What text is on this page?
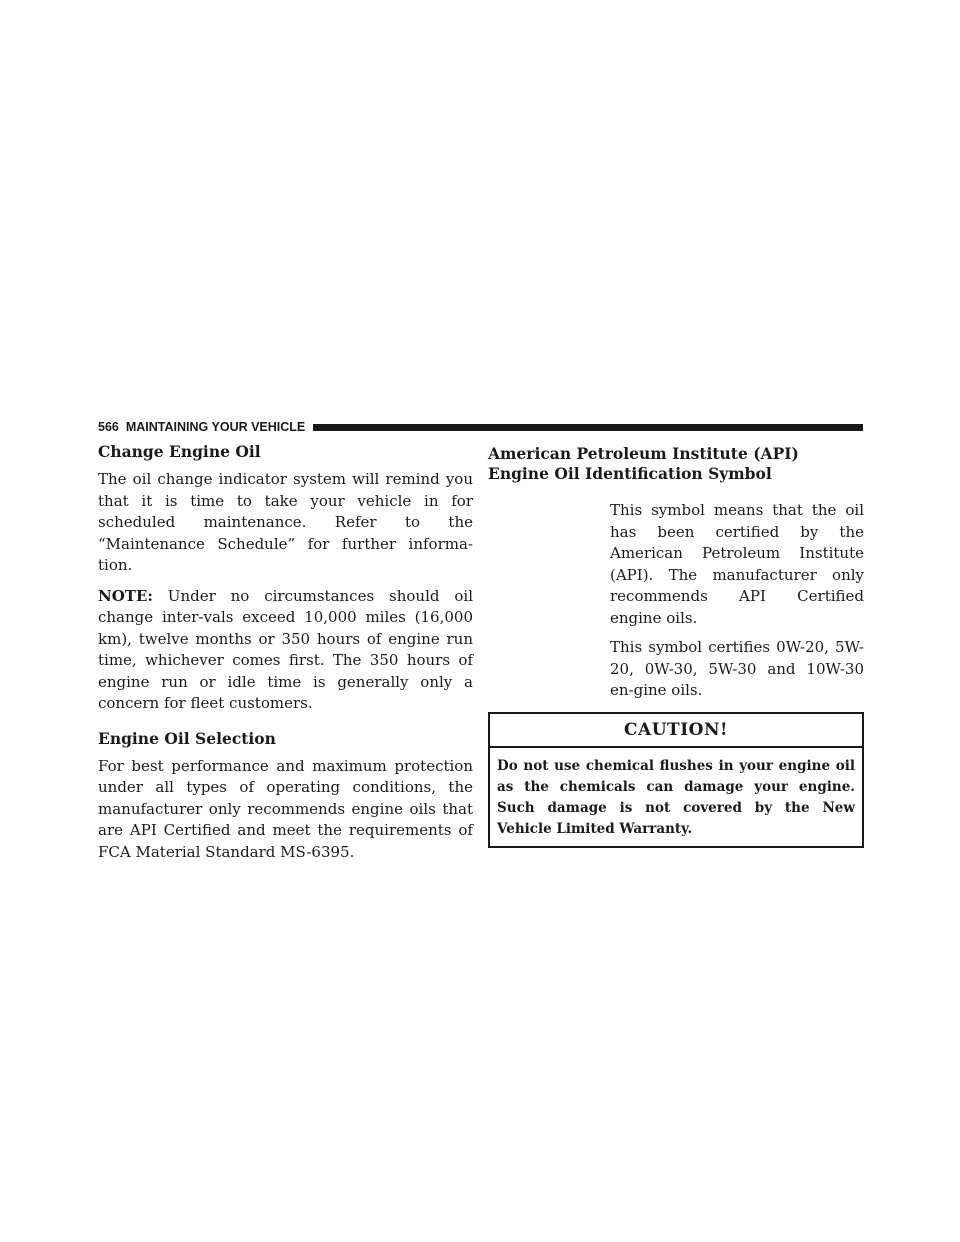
566 MAINTAINING YOUR VEHICLE
Change Engine Oil

The oil change indicator system will remind you that it is time to take your vehicle in for scheduled maintenance. Refer to the “Maintenance Schedule” for further informa-tion.

NOTE: Under no circumstances should oil change inter-vals exceed 10,000 miles (16,000 km), twelve months or 350 hours of engine run time, whichever comes first. The 350 hours of engine run or idle time is generally only a concern for fleet customers.

Engine Oil Selection

For best performance and maximum protection under all types of operating conditions, the manufacturer only recommends engine oils that are API Certified and meet the requirements of FCA Material Standard MS-6395.

American Petroleum Institute (API) Engine Oil Identification Symbol

This symbol means that the oil has been certified by the American Petroleum Institute (API). The manufacturer only recommends API Certified engine oils.

This symbol certifies 0W-20, 5W-20, 0W-30, 5W-30 and 10W-30 en-gine oils.

CAUTION!
Do not use chemical flushes in your engine oil as the chemicals can damage your engine. Such damage is not covered by the New Vehicle Limited Warranty.
